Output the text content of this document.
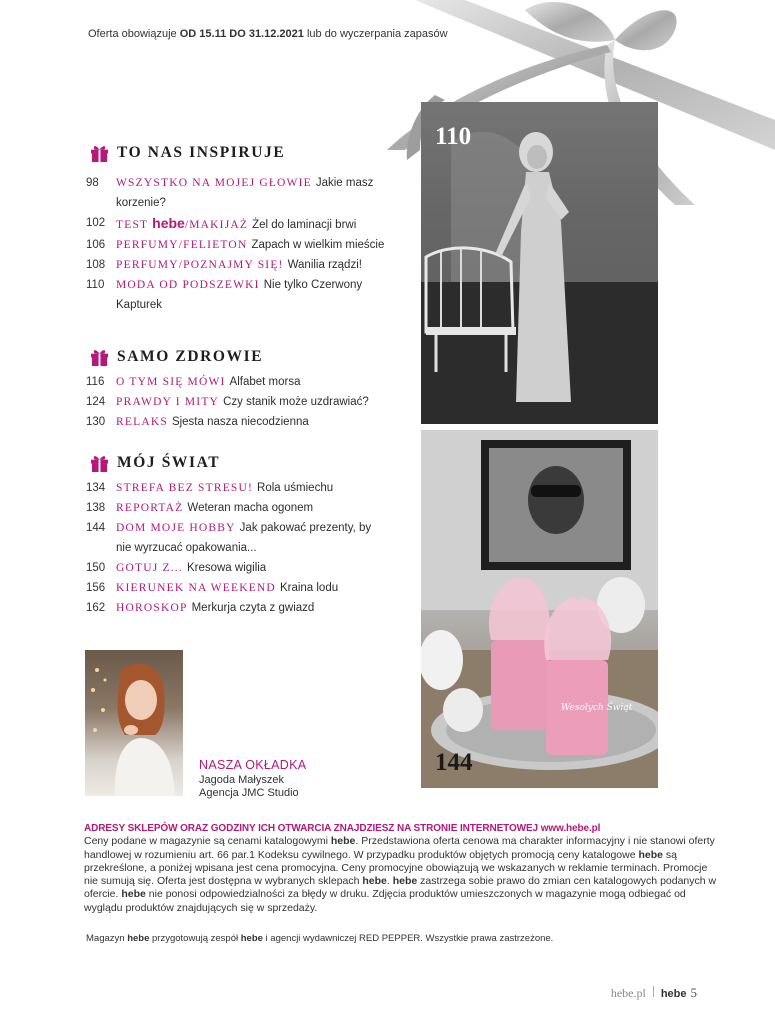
Oferta obowiązuje OD 15.11 DO 31.12.2021 lub do wyczerpania zapasów
TO NAS INSPIRUJE
98	WSZYSTKO NA MOJEJ GŁOWIE Jakie masz korzenie?
102 TEST hebe/MAKIJAŻ Żel do laminacji brwi
106 PERFUMY/FELIETON Zapach w wielkim mieście
108 PERFUMY/POZNAJMY SIĘ! Wanilia rządzi!
110	MODA OD PODSZEWKI Nie tylko Czerwony Kapturek
SAMO ZDROWIE
116	O TYM SIĘ MÓWI Alfabet morsa
124 PRAWDY I MITY Czy stanik może uzdrawiać?
130 RELAKS Sjesta nasza niecodzienna
MÓJ ŚWIAT
134 STREFA BEZ STRESU! Rola uśmiechu
138 REPORTAŻ Weteran macha ogonem
144 DOM MOJE HOBBY Jak pakować prezenty, by nie wyrzucać opakowania...
150 GOTUJ Z... Kresowa wigilia
156 KIERUNEK NA WEEKEND Kraina lodu
162 HOROSKOP Merkurja czyta z gwiazd
110
Wesołych Świąt
144
NASZA OKŁADKA
Jagoda Małyszek
Agencja JMC Studio
ADRESY SKLEPÓW ORAZ GODZINY ICH OTWARCIA ZNAJDZIESZ NA STRONIE INTERNETOWEJ www.hebe.pl
Ceny podane w magazynie są cenami katalogowymi hebe. Przedstawiona oferta cenowa ma charakter informacyjny i nie stanowi oferty handlowej w rozumieniu art. 66 par.1 Kodeksu cywilnego. W przypadku produktów objętych promocją ceny katalogowe hebe są przekreślone, a poniżej wpisana jest cena promocyjna. Ceny promocyjne obowiązują we wskazanych w reklamie terminach. Promocje nie sumują się. Oferta jest dostępna w wybranych sklepach hebe. hebe zastrzega sobie prawo do zmian cen katalogowych podanych w ofercie. hebe nie ponosi odpowiedzialności za błędy w druku. Zdjęcia produktów umieszczonych w magazynie mogą odbiegać od wyglądu produktów znajdujących się w sprzedaży.
Magazyn hebe przygotowują zespół hebe i agencji wydawniczej RED PEPPER. Wszystkie prawa zastrzeżone.
hebe.pl hebe 5
